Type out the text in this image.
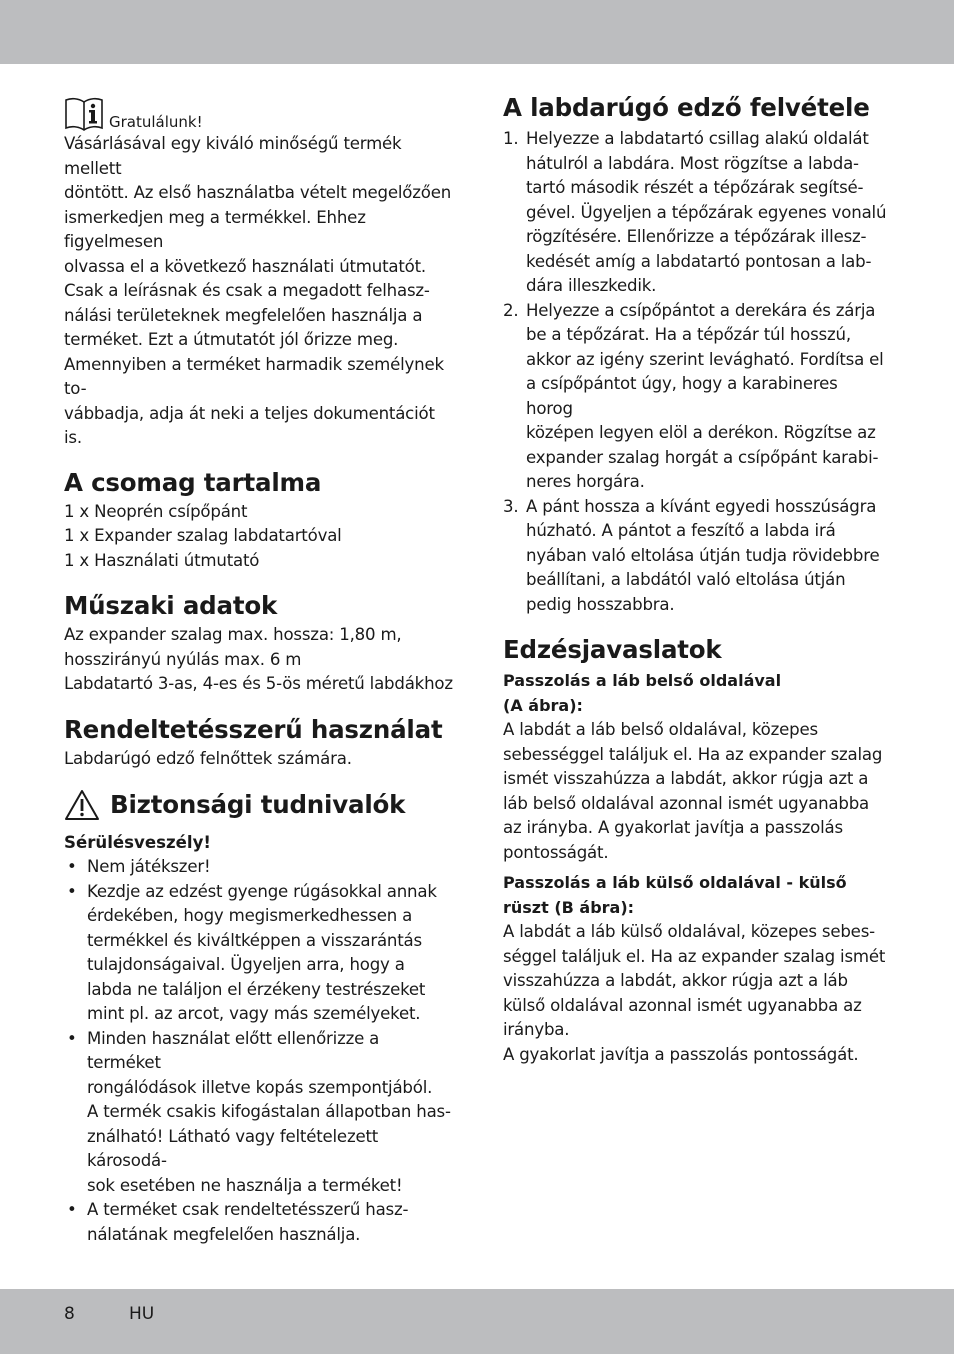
Gratulálunk!

Vásárlásával egy kiváló minőségű termék mellett
döntött. Az első használatba vételt megelőzően
ismerkedjen meg a termékkel. Ehhez figyelmesen
olvassa el a következő használati útmutatót.
Csak a leírásnak és csak a megadott felhasz-
nálási területeknek megfelelően használja a
terméket. Ezt a útmutatót jól őrizze meg.
Amennyiben a terméket harmadik személynek to-
vábbadja, adja át neki a teljes dokumentációt is.

A csomag tartalma

1 x Neoprén csípőpánt
1 x Expander szalag labdatartóval
1 x Használati útmutató

Műszaki adatok

Az expander szalag max. hossza: 1,80 m,
hosszirányú nyúlás max. 6 m
Labdatartó 3-as, 4-es és 5-ös méretű labdákhoz

Rendeltetésszerű használat

Labdarúgó edző felnőttek számára.

Biztonsági tudnivalók
Sérülésveszély!
• Nem játékszer!
• Kezdje az edzést gyenge rúgásokkal annak
érdekében, hogy megismerkedhessen a
termékkel és kiváltképpen a visszarántás
tulajdonságaival. Ügyeljen arra, hogy a
labda ne találjon el érzékeny testrészeket
mint pl. az arcot, vagy más személyeket.
• Minden használat előtt ellenőrizze a terméket
rongálódások illetve kopás szempontjából.
A termék csakis kifogástalan állapotban has-
ználható! Látható vagy feltételezett károsodá-
sok esetében ne használja a terméket!
• A terméket csak rendeltetésszerű hasz-
nálatának megfelelően használja.
A labdarúgó edző felvétele
1. Helyezze a labdatartó csillag alakú oldalát
hátulról a labdára. Most rögzítse a labda-
tartó második részét a tépőzárak segítsé-
gével. Ügyeljen a tépőzárak egyenes vonalú
rögzítésére. Ellenőrizze a tépőzárak illesz-
kedését amíg a labdatartó pontosan a lab-
dára illeszkedik.
2. Helyezze a csípőpántot a derekára és zárja
be a tépőzárat. Ha a tépőzár túl hosszú,
akkor az igény szerint levágható. Fordítsa el
a csípőpántot úgy, hogy a karabineres horog
középen legyen elöl a derékon. Rögzítse az
expander szalag horgát a csípőpánt karabi-
neres horgára.
3. A pánt hossza a kívánt egyedi hosszúságra
húzható. A pántot a feszítő a labda irá
nyában való eltolása útján tudja rövidebbre
beállítani, a labdától való eltolása útján
pedig hosszabbra.
Edzésjavaslatok

Passzolás a láb belső oldalával
(A ábra):

A labdát a láb belső oldalával, közepes
sebességgel találjuk el. Ha az expander szalag
ismét visszahúzza a labdát, akkor rúgja azt a
láb belső oldalával azonnal ismét ugyanabba
az irányba. A gyakorlat javítja a passzolás
pontosságát.

Passzolás a láb külső oldalával - külső
rüszt (B ábra):

A labdát a láb külső oldalával, közepes sebes-
séggel találjuk el. Ha az expander szalag ismét
visszahúzza a labdát, akkor rúgja azt a láb
külső oldalával azonnal ismét ugyanabba az
irányba.
A gyakorlat javítja a passzolás pontosságát.

8	HU
